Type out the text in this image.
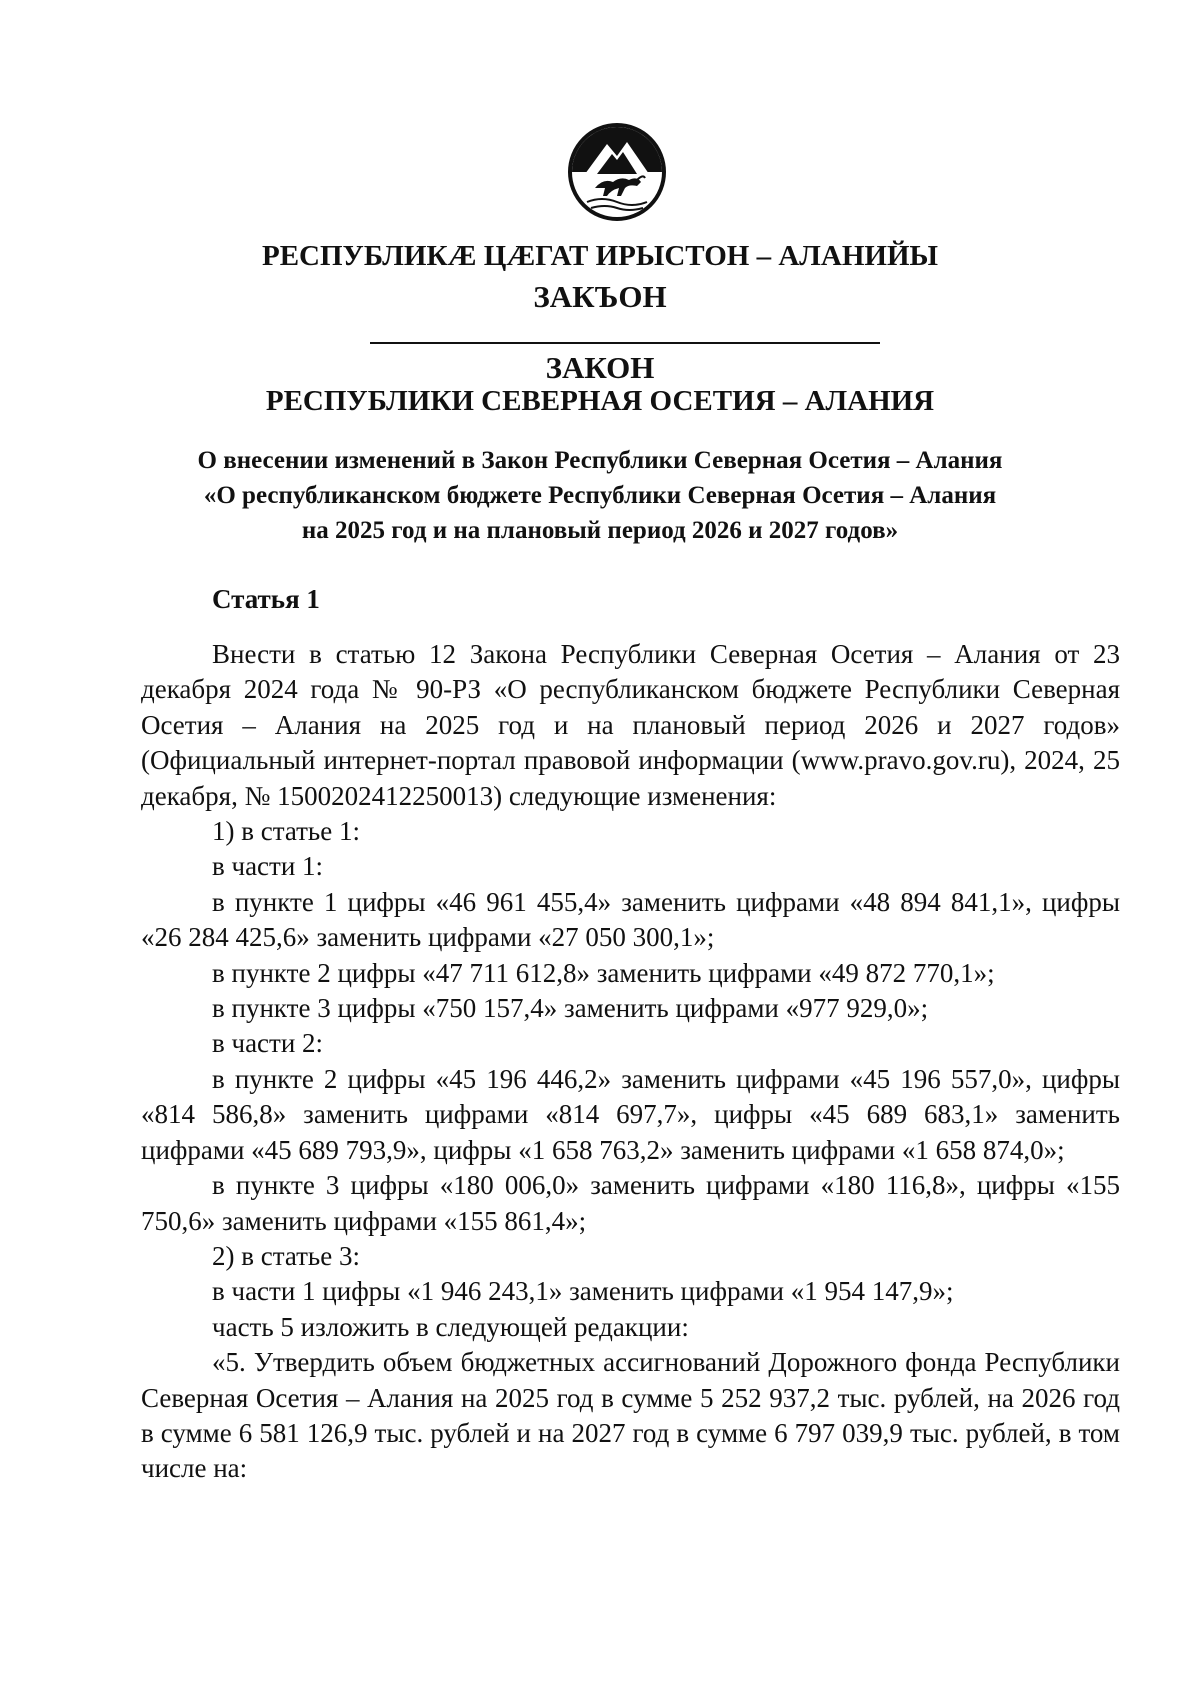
РЕСПУБЛИКÆ ЦÆГАТ ИРЫСТОН – АЛАНИЙЫ
ЗАКЪОН
ЗАКОН
РЕСПУБЛИКИ СЕВЕРНАЯ ОСЕТИЯ – АЛАНИЯ
О внесении изменений в Закон Республики Северная Осетия – Алания
«О республиканском бюджете Республики Северная Осетия – Алания
на 2025 год и на плановый период 2026 и 2027 годов»
Статья 1

Внести в статью 12 Закона Республики Северная Осетия – Алания от 23 декабря 2024 года № 90-РЗ «О республиканском бюджете Республики Северная Осетия – Алания на 2025 год и на плановый период 2026 и 2027 годов» (Официальный интернет-портал правовой информации (www.pravo.gov.ru), 2024, 25 декабря, № 1500202412250013) следующие изменения:

1) в статье 1:

в части 1:

в пункте 1 цифры «46 961 455,4» заменить цифрами «48 894 841,1», цифры «26 284 425,6» заменить цифрами «27 050 300,1»;

в пункте 2 цифры «47 711 612,8» заменить цифрами «49 872 770,1»;

в пункте 3 цифры «750 157,4» заменить цифрами «977 929,0»;

в части 2:

в пункте 2 цифры «45 196 446,2» заменить цифрами «45 196 557,0», цифры «814 586,8» заменить цифрами «814 697,7», цифры «45 689 683,1» заменить цифрами «45 689 793,9», цифры «1 658 763,2» заменить цифрами «1 658 874,0»;

в пункте 3 цифры «180 006,0» заменить цифрами «180 116,8», цифры «155 750,6» заменить цифрами «155 861,4»;

2) в статье 3:

в части 1 цифры «1 946 243,1» заменить цифрами «1 954 147,9»;

часть 5 изложить в следующей редакции:

«5. Утвердить объем бюджетных ассигнований Дорожного фонда Республики Северная Осетия – Алания на 2025 год в сумме 5 252 937,2 тыс. рублей, на 2026 год в сумме 6 581 126,9 тыс. рублей и на 2027 год в сумме 6 797 039,9 тыс. рублей, в том числе на:
